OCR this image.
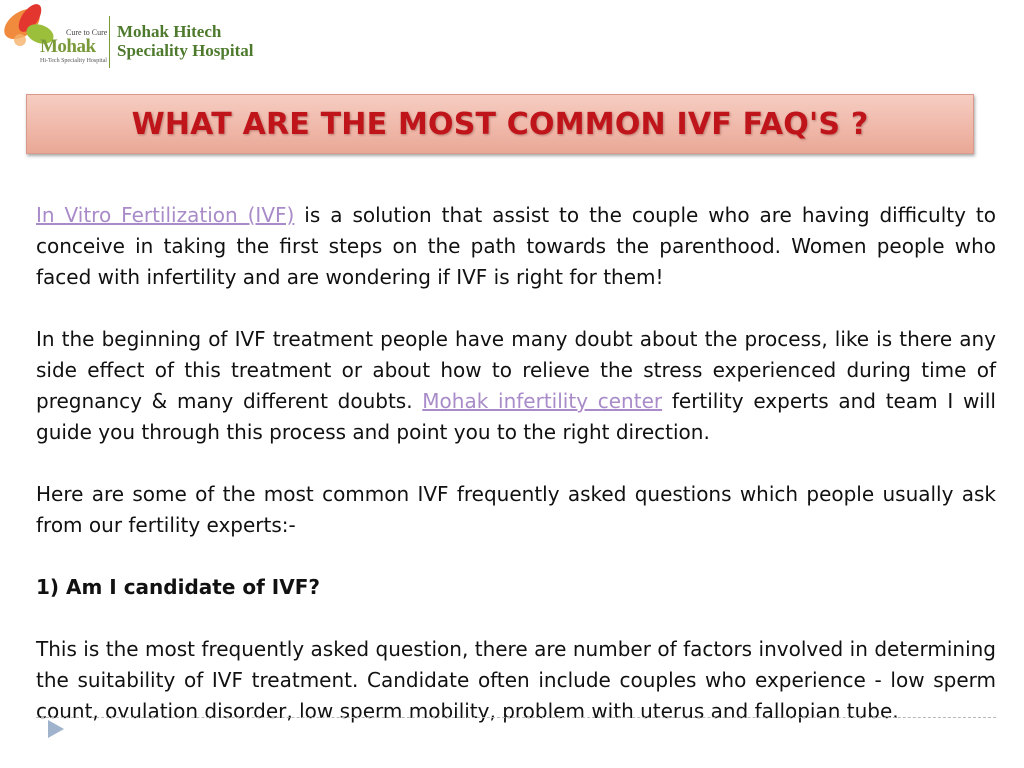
Cure to Cure
Mohak
Hi-Tech Speciality Hospital
Mohak Hitech
Speciality Hospital
WHAT ARE THE MOST COMMON IVF FAQ'S ?

In Vitro Fertilization (IVF) is a solution that assist to the couple who are having difficulty to conceive in taking the first steps on the path towards the parenthood. Women people who faced with infertility and are wondering if IVF is right for them!

In the beginning of IVF treatment people have many doubt about the process, like is there any side effect of this treatment or about how to relieve the stress experienced during time of pregnancy & many different doubts. Mohak infertility center fertility experts and team I will guide you through this process and point you to the right direction.

Here are some of the most common IVF frequently asked questions which people usually ask from our fertility experts:-

1) Am I candidate of IVF?

This is the most frequently asked question, there are number of factors involved in determining the suitability of IVF treatment. Candidate often include couples who experience - low sperm count, ovulation disorder, low sperm mobility, problem with uterus and fallopian tube.
